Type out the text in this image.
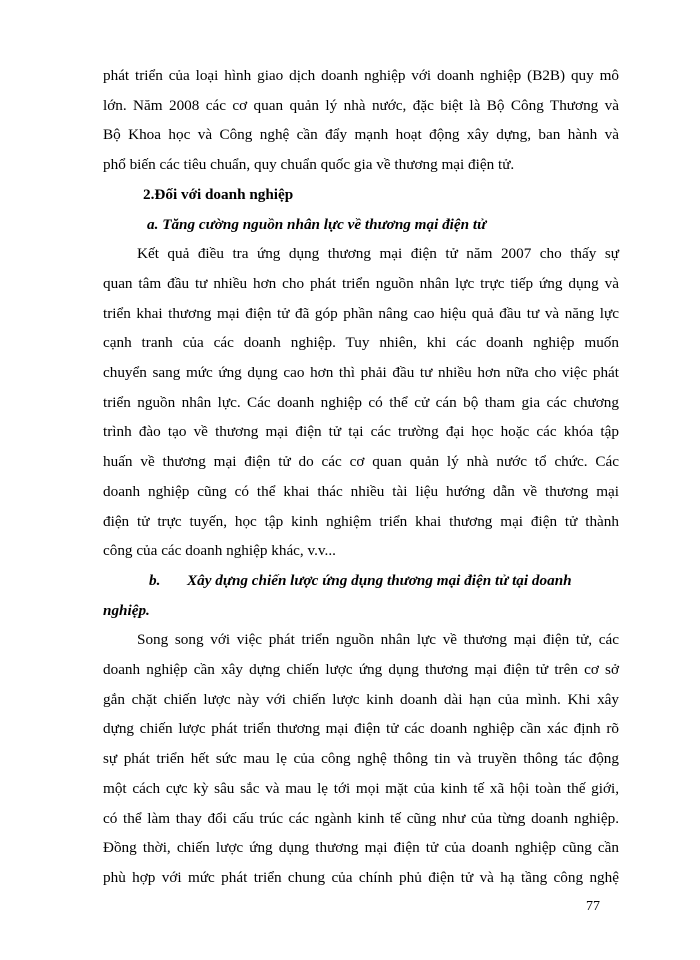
phát triển của loại hình giao dịch doanh nghiệp với doanh nghiệp (B2B) quy mô

lớn. Năm 2008 các cơ quan quản lý nhà nước, đặc biệt là Bộ Công Thương và

Bộ Khoa học và Công nghệ cần đẩy mạnh hoạt động xây dựng, ban hành và

phổ biến các tiêu chuẩn, quy chuẩn quốc gia về thương mại điện tử.

2.Đối với doanh nghiệp

a. Tăng cường nguồn nhân lực về thương mại điện tử

Kết quả điều tra ứng dụng thương mại điện tử năm 2007 cho thấy sự

quan tâm đầu tư nhiều hơn cho phát triển nguồn nhân lực trực tiếp ứng dụng và

triển khai thương mại điện tử đã góp phần nâng cao hiệu quả đầu tư và năng lực

cạnh tranh của các doanh nghiệp. Tuy nhiên, khi các doanh nghiệp muốn

chuyển sang mức ứng dụng cao hơn thì phải đầu tư nhiều hơn nữa cho việc phát

triển nguồn nhân lực. Các doanh nghiệp có thể cử cán bộ tham gia các chương

trình đào tạo về thương mại điện tử tại các trường đại học hoặc các khóa tập

huấn về thương mại điện tử do các cơ quan quản lý nhà nước tổ chức. Các

doanh nghiệp cũng có thể khai thác nhiều tài liệu hướng dẫn về thương mại

điện tử trực tuyến, học tập kinh nghiệm triển khai thương mại điện tử thành

công của các doanh nghiệp khác, v.v...

b. Xây dựng chiến lược ứng dụng thương mại điện tử tại doanh

nghiệp.

Song song với việc phát triển nguồn nhân lực về thương mại điện tử, các

doanh nghiệp cần xây dựng chiến lược ứng dụng thương mại điện tử trên cơ sở

gắn chặt chiến lược này với chiến lược kinh doanh dài hạn của mình. Khi xây

dựng chiến lược phát triển thương mại điện tử các doanh nghiệp cần xác định rõ

sự phát triển hết sức mau lẹ của công nghệ thông tin và truyền thông tác động

một cách cực kỳ sâu sắc và mau lẹ tới mọi mặt của kinh tế xã hội toàn thế giới,

có thể làm thay đổi cấu trúc các ngành kinh tế cũng như của từng doanh nghiệp.

Đồng thời, chiến lược ứng dụng thương mại điện tử của doanh nghiệp cũng cần

phù hợp với mức phát triển chung của chính phủ điện tử và hạ tầng công nghệ

77
